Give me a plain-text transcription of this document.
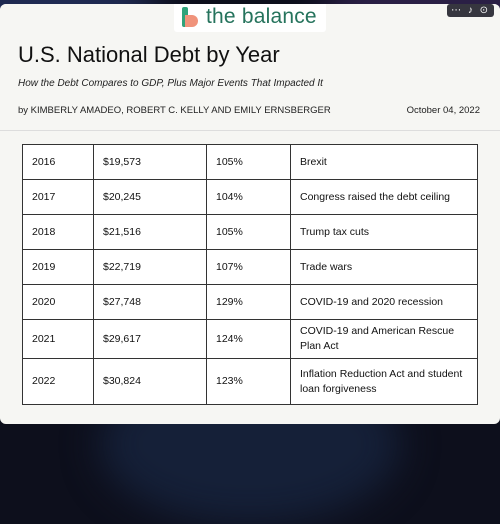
the balance	⋯ ♪ ⊙
U.S. National Debt by Year

How the Debt Compares to GDP, Plus Major Events That Impacted It

by KIMBERLY AMADEO, ROBERT C. KELLY AND EMILY ERNSBERGER	October 04, 2022
2016	$19,573	105%	Brexit
2017	$20,245	104%	Congress raised the debt ceiling
2018	$21,516	105%	Trump tax cuts
2019	$22,719	107%	Trade wars
2020	$27,748	129%	COVID-19 and 2020 recession
2021	$29,617	124%	COVID-19 and American Rescue Plan Act
2022	$30,824	123%	Inflation Reduction Act and student loan forgiveness
